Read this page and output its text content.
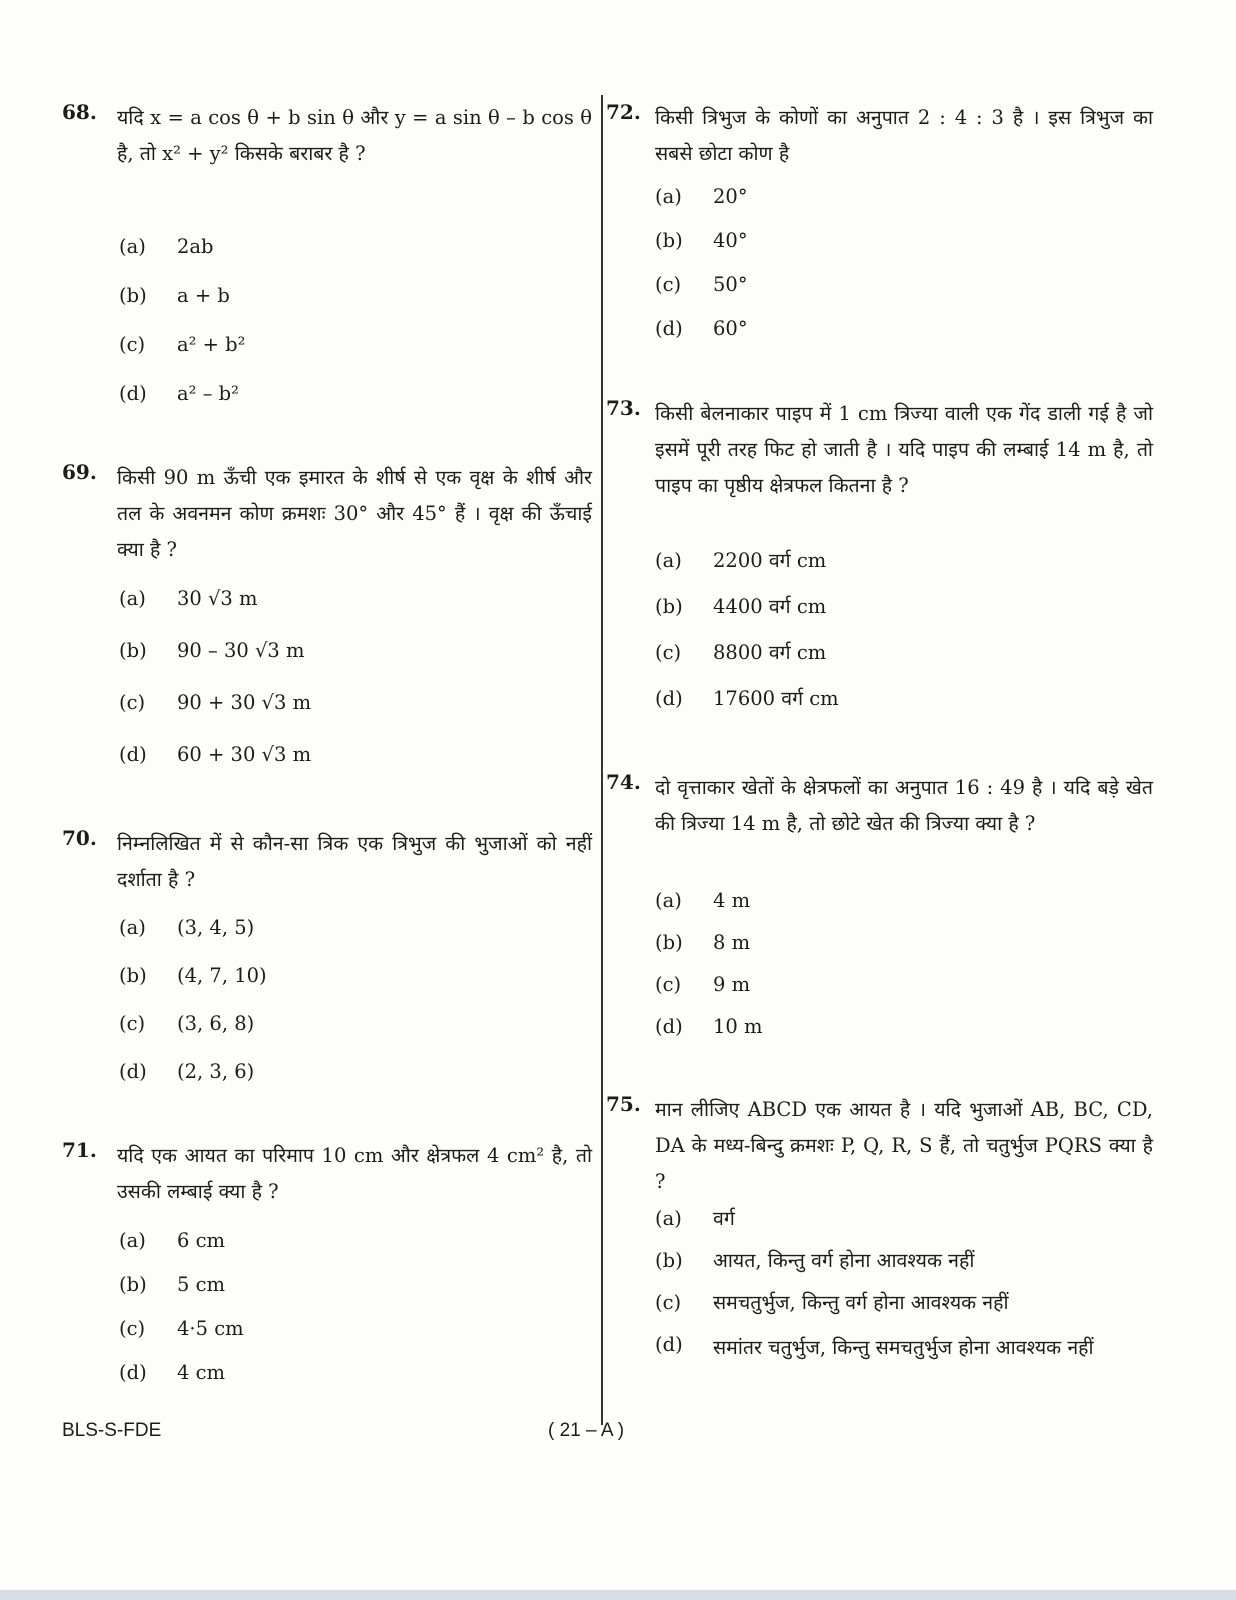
68. यदि x = a cos θ + b sin θ और y = a sin θ – b cos θ है, तो x² + y² किसके बराबर है ?
(a) 2ab
(b) a + b
(c) a² + b²
(d) a² – b²
69. किसी 90 m ऊँची एक इमारत के शीर्ष से एक वृक्ष के शीर्ष और तल के अवनमन कोण क्रमशः 30° और 45° हैं । वृक्ष की ऊँचाई क्या है ?
(a) 30 √3 m
(b) 90 – 30 √3 m
(c) 90 + 30 √3 m
(d) 60 + 30 √3 m
70. निम्नलिखित में से कौन-सा त्रिक एक त्रिभुज की भुजाओं को नहीं दर्शाता है ?
(a) (3, 4, 5)
(b) (4, 7, 10)
(c) (3, 6, 8)
(d) (2, 3, 6)
71. यदि एक आयत का परिमाप 10 cm और क्षेत्रफल 4 cm² है, तो उसकी लम्बाई क्या है ?
(a) 6 cm
(b) 5 cm
(c) 4·5 cm
(d) 4 cm
72. किसी त्रिभुज के कोणों का अनुपात 2 : 4 : 3 है । इस त्रिभुज का सबसे छोटा कोण है
(a) 20°
(b) 40°
(c) 50°
(d) 60°
73. किसी बेलनाकार पाइप में 1 cm त्रिज्या वाली एक गेंद डाली गई है जो इसमें पूरी तरह फिट हो जाती है । यदि पाइप की लम्बाई 14 m है, तो पाइप का पृष्ठीय क्षेत्रफल कितना है ?
(a) 2200 वर्ग cm
(b) 4400 वर्ग cm
(c) 8800 वर्ग cm
(d) 17600 वर्ग cm
74. दो वृत्ताकार खेतों के क्षेत्रफलों का अनुपात 16 : 49 है । यदि बड़े खेत की त्रिज्या 14 m है, तो छोटे खेत की त्रिज्या क्या है ?
(a) 4 m
(b) 8 m
(c) 9 m
(d) 10 m
75. मान लीजिए ABCD एक आयत है । यदि भुजाओं AB, BC, CD, DA के मध्य-बिन्दु क्रमशः P, Q, R, S हैं, तो चतुर्भुज PQRS क्या है ?
(a) वर्ग
(b) आयत, किन्तु वर्ग होना आवश्यक नहीं
(c) समचतुर्भुज, किन्तु वर्ग होना आवश्यक नहीं
(d) समांतर चतुर्भुज, किन्तु समचतुर्भुज होना आवश्यक नहीं
BLS-S-FDE	( 21 – A )
